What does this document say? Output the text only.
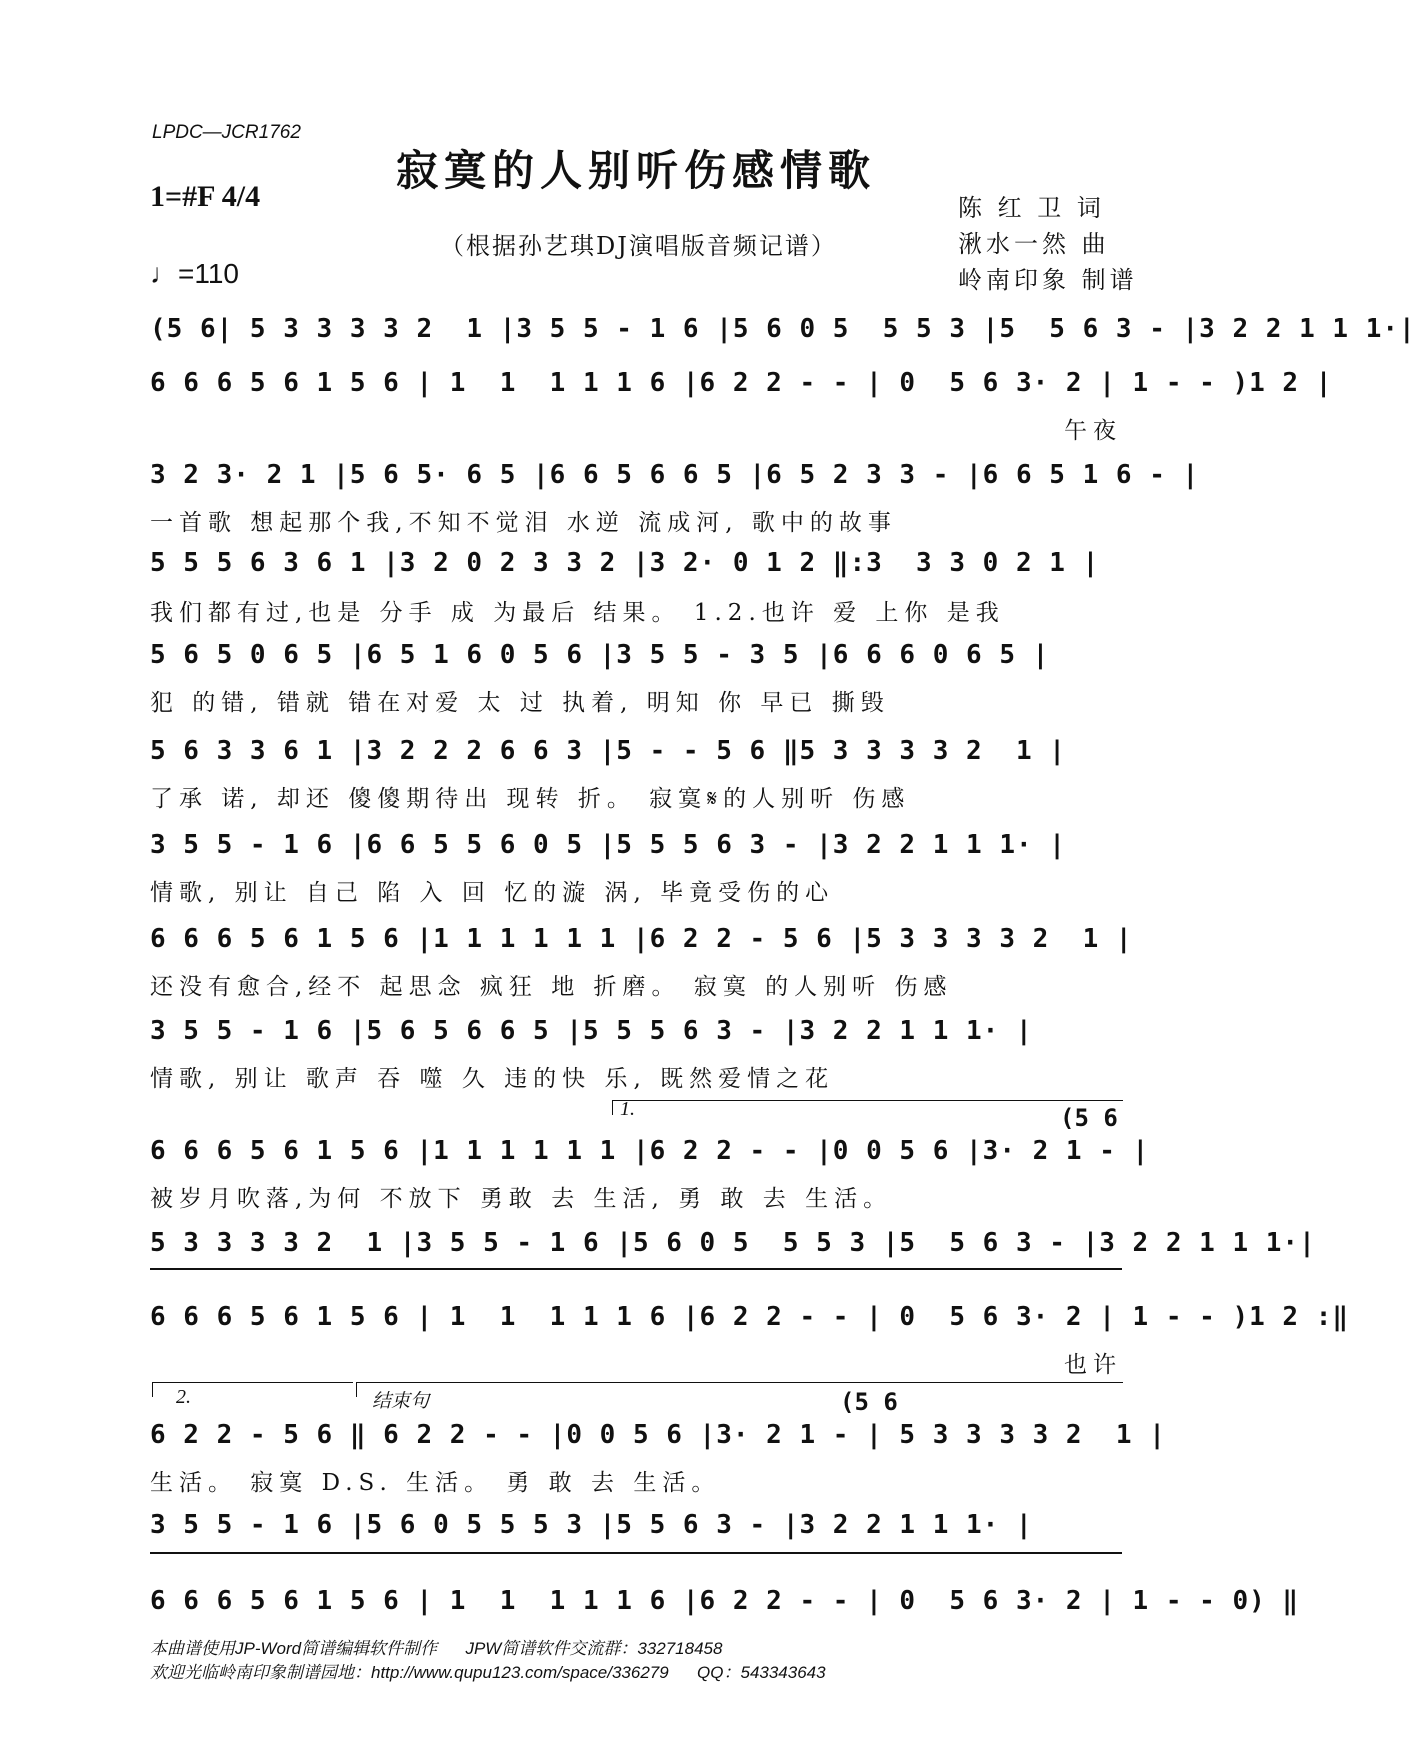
LPDC—JCR1762
寂寞的人别听伤感情歌
1=#F 4/4
♩=110
（根据孙艺琪DJ演唱版音频记谱）
陈 红 卫 词
湫水一然 曲
岭南印象 制谱
(5 6| 5 3 3 3 3 2  1 |3 5 5 - 1 6 |5 6 0 5  5 5 3 |5  5 6 3 - |3 2 2 1 1 1·|
6 6 6 5 6 1 5 6 | 1  1  1 1 1 6 |6 2 2 - - | 0  5 6 3· 2 | 1 - - )1 2 |
午夜
3 2 3· 2 1 |5 6 5· 6 5 |6 6 5 6 6 5 |6 5 2 3 3 - |6 6 5 1 6 - |
一首歌 想起那个我,不知不觉泪 水逆 流成河, 歌中的故事
5 5 5 6 3 6 1 |3 2 0 2 3 3 2 |3 2· 0 1 2 ‖:3  3 3 0 2 1 |
我们都有过,也是 分手 成 为最后 结果。 1.2.也许 爱 上你 是我
5 6 5 0 6 5 |6 5 1 6 0 5 6 |3 5 5 - 3 5 |6 6 6 0 6 5 |
犯 的错, 错就 错在对爱 太 过 执着, 明知 你 早已 撕毁
5 6 3 3 6 1 |3 2 2 2 6 6 3 |5 - - 5 6 ‖5 3 3 3 3 2  1 |
了承 诺, 却还 傻傻期待出 现转 折。 寂寞𝄋的人别听 伤感
3 5 5 - 1 6 |6 6 5 5 6 0 5 |5 5 5 6 3 - |3 2 2 1 1 1· |
情歌, 别让 自己 陷 入 回 忆的漩 涡, 毕竟受伤的心
6 6 6 5 6 1 5 6 |1 1 1 1 1 1 |6 2 2 - 5 6 |5 3 3 3 3 2  1 |
还没有愈合,经不 起思念 疯狂 地 折磨。 寂寞 的人别听 伤感
3 5 5 - 1 6 |5 6 5 6 6 5 |5 5 5 6 3 - |3 2 2 1 1 1· |
情歌, 别让 歌声 吞 噬 久 违的快 乐, 既然爱情之花
1.	(5 6
6 6 6 5 6 1 5 6 |1 1 1 1 1 1 |6 2 2 - - |0 0 5 6 |3· 2 1 - |
被岁月吹落,为何 不放下 勇敢 去 生活, 勇 敢 去 生活。
5 3 3 3 3 2  1 |3 5 5 - 1 6 |5 6 0 5  5 5 3 |5  5 6 3 - |3 2 2 1 1 1·|
6 6 6 5 6 1 5 6 | 1  1  1 1 1 6 |6 2 2 - - | 0  5 6 3· 2 | 1 - - )1 2 :‖
也许
2.	结束句	(5 6
6 2 2 - 5 6 ‖ 6 2 2 - - |0 0 5 6 |3· 2 1 - | 5 3 3 3 3 2  1 |
生活。 寂寞 D.S. 生活。 勇 敢 去 生活。
3 5 5 - 1 6 |5 6 0 5 5 5 3 |5 5 6 3 - |3 2 2 1 1 1· |
6 6 6 5 6 1 5 6 | 1  1  1 1 1 6 |6 2 2 - - | 0  5 6 3· 2 | 1 - - 0) ‖
本曲谱使用JP-Word简谱编辑软件制作      JPW简谱软件交流群：332718458
欢迎光临岭南印象制谱园地：http://www.qupu123.com/space/336279      QQ：543343643
